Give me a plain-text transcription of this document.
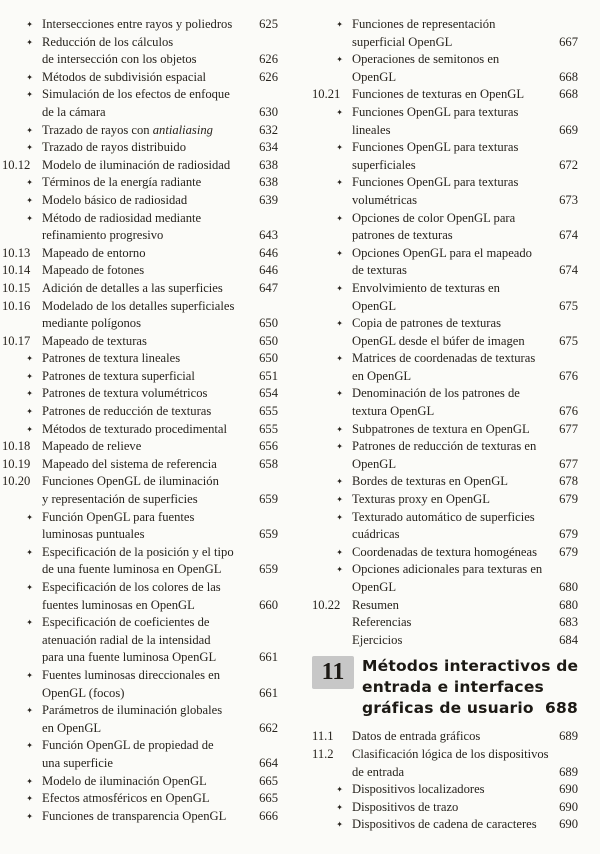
✦ Intersecciones entre rayos y poliedros 625
✦ Reducción de los cálculos
de intersección con los objetos	626
✦ Métodos de subdivisión espacial	626
✦ Simulación de los efectos de enfoque
de la cámara	630
✦ Trazado de rayos con antialiasing	632
✦ Trazado de rayos distribuido	634
10.12 Modelo de iluminación de radiosidad 638
✦ Términos de la energía radiante	638
✦ Modelo básico de radiosidad	639
✦ Método de radiosidad mediante
refinamiento progresivo	643
10.13 Mapeado de entorno	646
10.14 Mapeado de fotones	646
10.15 Adición de detalles a las superficies	647
10.16 Modelado de los detalles superficiales
mediante polígonos	650
10.17 Mapeado de texturas	650
✦ Patrones de textura lineales	650
✦ Patrones de textura superficial	651
✦ Patrones de textura volumétricos	654
✦ Patrones de reducción de texturas	655
✦ Métodos de texturado procedimental	655
10.18 Mapeado de relieve	656
10.19 Mapeado del sistema de referencia	658
10.20 Funciones OpenGL de iluminación
y representación de superficies	659
✦ Función OpenGL para fuentes
luminosas puntuales	659
✦ Especificación de la posición y el tipo
de una fuente luminosa en OpenGL	659
✦ Especificación de los colores de las
fuentes luminosas en OpenGL	660
✦ Especificación de coeficientes de
atenuación radial de la intensidad
para una fuente luminosa OpenGL	661
✦ Fuentes luminosas direccionales en
OpenGL (focos)	661
✦ Parámetros de iluminación globales
en OpenGL	662
✦ Función OpenGL de propiedad de
una superficie	664
✦ Modelo de iluminación OpenGL	665
✦ Efectos atmosféricos en OpenGL	665
✦ Funciones de transparencia OpenGL	666
✦ Funciones de representación
superficial OpenGL	667
✦ Operaciones de semitonos en
OpenGL	668
10.21 Funciones de texturas en OpenGL	668
✦ Funciones OpenGL para texturas
lineales	669
✦ Funciones OpenGL para texturas
superficiales	672
✦ Funciones OpenGL para texturas
volumétricas	673
✦ Opciones de color OpenGL para
patrones de texturas	674
✦ Opciones OpenGL para el mapeado
de texturas	674
✦ Envolvimiento de texturas en
OpenGL	675
✦ Copia de patrones de texturas
OpenGL desde el búfer de imagen	675
✦ Matrices de coordenadas de texturas
en OpenGL	676
✦ Denominación de los patrones de
textura OpenGL	676
✦ Subpatrones de textura en OpenGL 677
✦ Patrones de reducción de texturas en
OpenGL	677
✦ Bordes de texturas en OpenGL	678
✦ Texturas proxy en OpenGL	679
✦ Texturado automático de superficies
cuádricas	679
✦ Coordenadas de textura homogéneas 679
✦ Opciones adicionales para texturas en
OpenGL	680
10.22 Resumen	680
Referencias	683
Ejercicios	684
11	Métodos interactivos de
entrada e interfaces
gráficas de usuario 688
11.1	Datos de entrada gráficos	689
11.2	Clasificación lógica de los dispositivos
de entrada	689
✦ Dispositivos localizadores	690
✦ Dispositivos de trazo	690
✦ Dispositivos de cadena de caracteres 690
